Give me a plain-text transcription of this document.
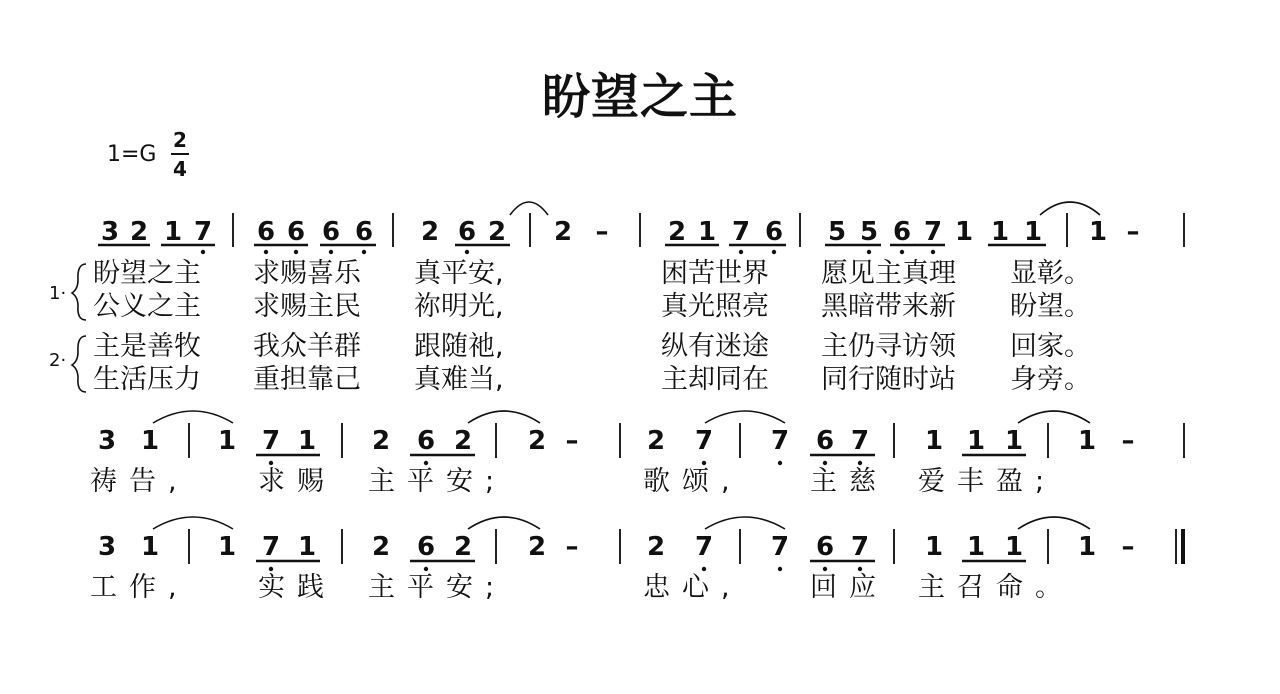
盼望之主
1=G
2
4
3 2 1 7 6 6 6 6 2 6 2 2 – 2 1 7 6 5 5 6 7 1 1 1 1 –
3 1 1 7 1 2 6 2 2 –	2 7 7 6 7 1 1 1 1 –
3 1 1 7 1 2 6 2 2 –	2 7 7 6 7 1 1 1 1 –
盼望之主 求赐喜乐 真平安,	困苦世界 愿见主真理 显彰。
公义之主 求赐主民 祢明光,	真光照亮 黑暗带来新 盼望。
主是善牧 我众羊群 跟随祂,	纵有迷途 主仍寻访领 回家。
生活压力 重担靠己 真难当,	主却同在 同行随时站 身旁。
1·
2·
祷告,	求赐 主平安;	歌颂,	主慈 爱丰盈;
工作,	实践 主平安;	忠心,	回应 主召命。
